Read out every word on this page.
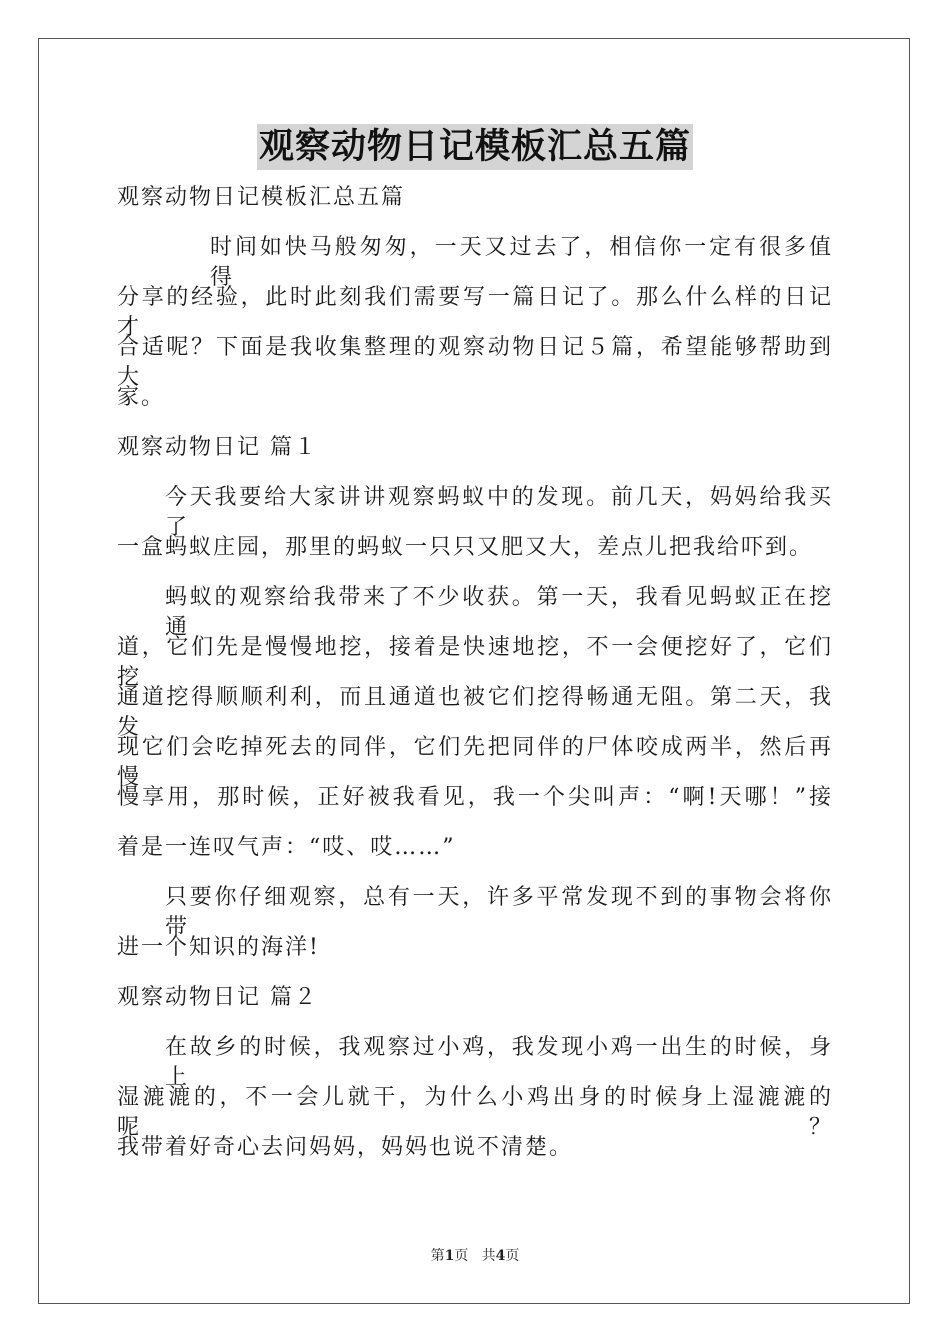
观察动物日记模板汇总五篇
观察动物日记模板汇总五篇
时间如快马般匆匆，一天又过去了，相信你一定有很多值得
分享的经验，此时此刻我们需要写一篇日记了。那么什么样的日记才
合适呢？下面是我收集整理的观察动物日记５篇，希望能够帮助到大
家。
观察动物日记 篇１
今天我要给大家讲讲观察蚂蚁中的发现。前几天，妈妈给我买了
一盒蚂蚁庄园，那里的蚂蚁一只只又肥又大，差点儿把我给吓到。
蚂蚁的观察给我带来了不少收获。第一天，我看见蚂蚁正在挖通
道，它们先是慢慢地挖，接着是快速地挖，不一会便挖好了，它们挖
通道挖得顺顺利利，而且通道也被它们挖得畅通无阻。第二天，我发
现它们会吃掉死去的同伴，它们先把同伴的尸体咬成两半，然后再慢
慢享用，那时候，正好被我看见，我一个尖叫声：“啊!天哪！”接
着是一连叹气声：“哎、哎……”
只要你仔细观察，总有一天，许多平常发现不到的事物会将你带
进一个知识的海洋!
观察动物日记 篇２
在故乡的时候，我观察过小鸡，我发现小鸡一出生的时候，身上
湿漉漉的，不一会儿就干，为什么小鸡出身的时候身上湿漉漉的呢？
我带着好奇心去问妈妈，妈妈也说不清楚。
第1页 共4页
